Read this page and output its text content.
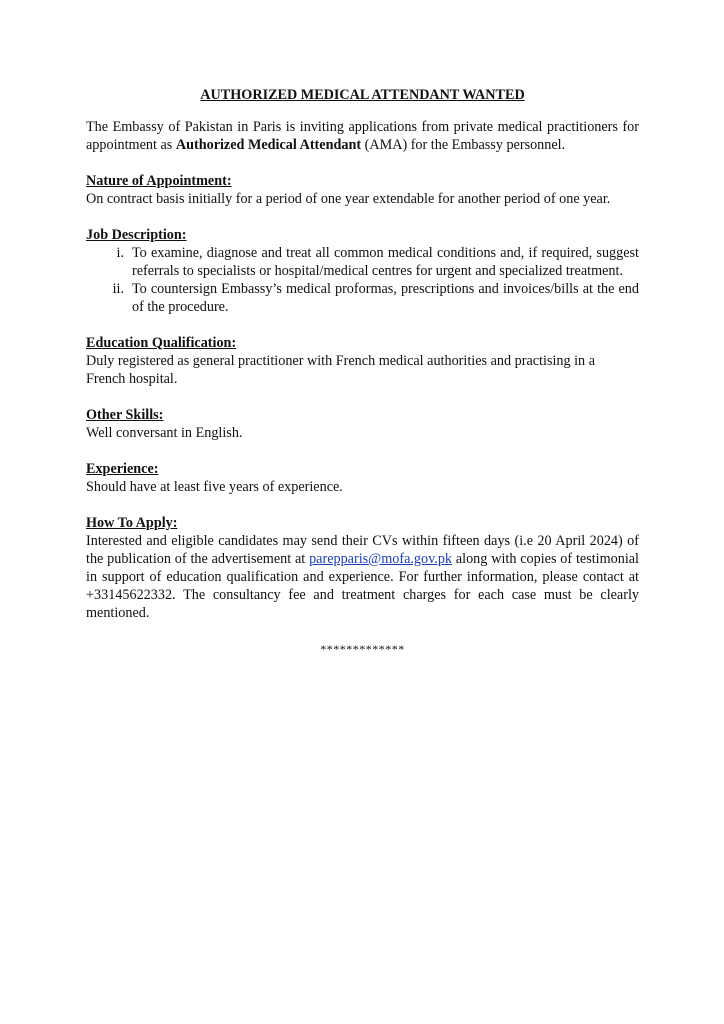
AUTHORIZED MEDICAL ATTENDANT WANTED

The Embassy of Pakistan in Paris is inviting applications from private medical practitioners for appointment as Authorized Medical Attendant (AMA) for the Embassy personnel.

Nature of Appointment:

On contract basis initially for a period of one year extendable for another period of one year.

Job Description:
i. To examine, diagnose and treat all common medical conditions and, if required, suggest referrals to specialists or hospital/medical centres for urgent and specialized treatment.
ii. To countersign Embassy’s medical proformas, prescriptions and invoices/bills at the end of the procedure.
Education Qualification:

Duly registered as general practitioner with French medical authorities and practising in a French hospital.

Other Skills:

Well conversant in English.

Experience:

Should have at least five years of experience.

How To Apply:

Interested and eligible candidates may send their CVs within fifteen days (i.e 20 April 2024) of the publication of the advertisement at parepparis@mofa.gov.pk along with copies of testimonial in support of education qualification and experience. For further information, please contact at +33145622332. The consultancy fee and treatment charges for each case must be clearly mentioned.

*************
